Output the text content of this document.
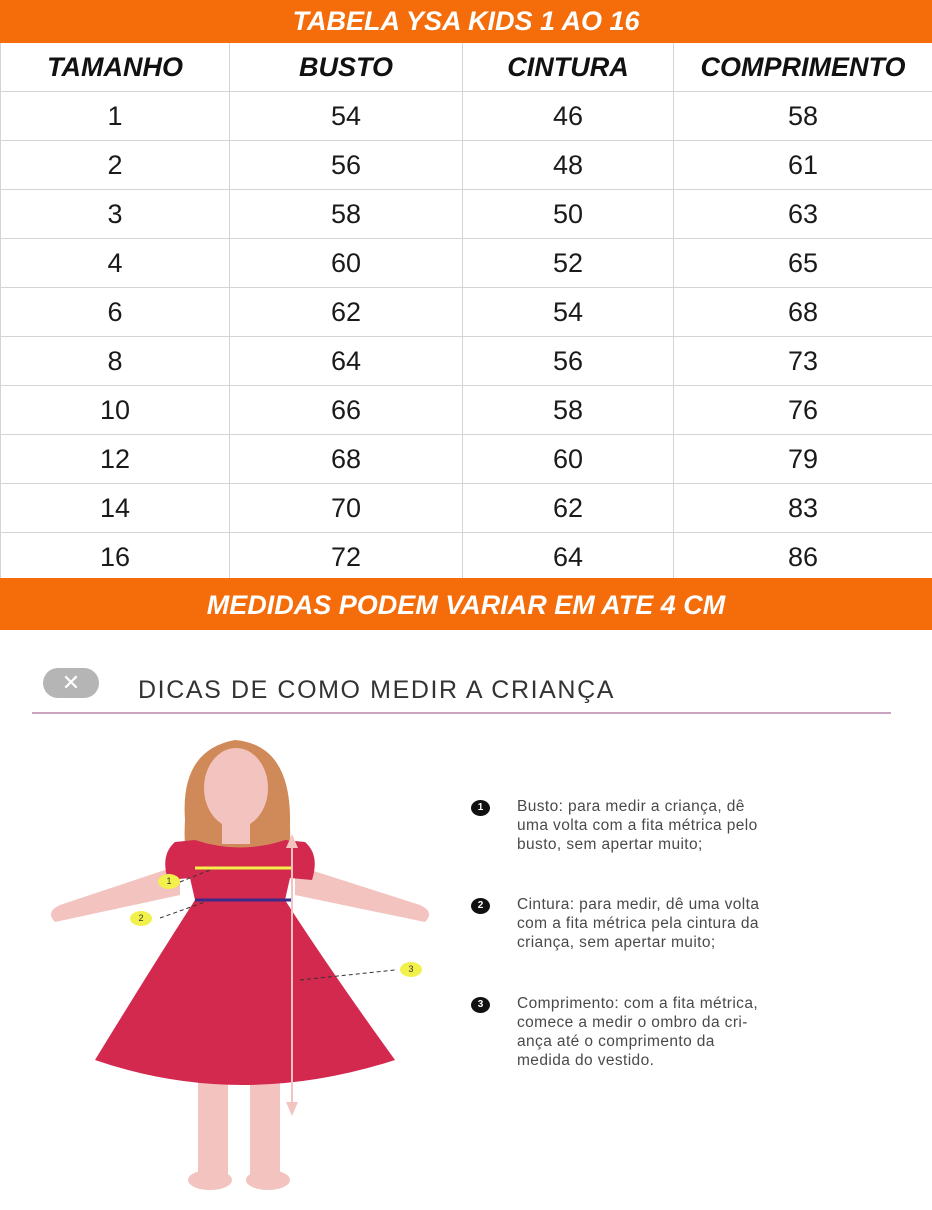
TABELA YSA KIDS 1 AO 16
TAMANHO	BUSTO	CINTURA	COMPRIMENTO
1	54	46	58
2	56	48	61
3	58	50	63
4	60	52	65
6	62	54	68
8	64	56	73
10	66	58	76
12	68	60	79
14	70	62	83
16	72	64	86
MEDIDAS PODEM VARIAR EM ATE 4 CM
✕	DICAS DE COMO MEDIR A CRIANÇA
1
2
3
1	Busto: para medir a criança, dê
uma volta com a fita métrica pelo
busto, sem apertar muito;
2	Cintura: para medir, dê uma volta
com a fita métrica pela cintura da
criança, sem apertar muito;
3	Comprimento: com a fita métrica,
comece a medir o ombro da cri-
ança até o comprimento da
medida do vestido.
